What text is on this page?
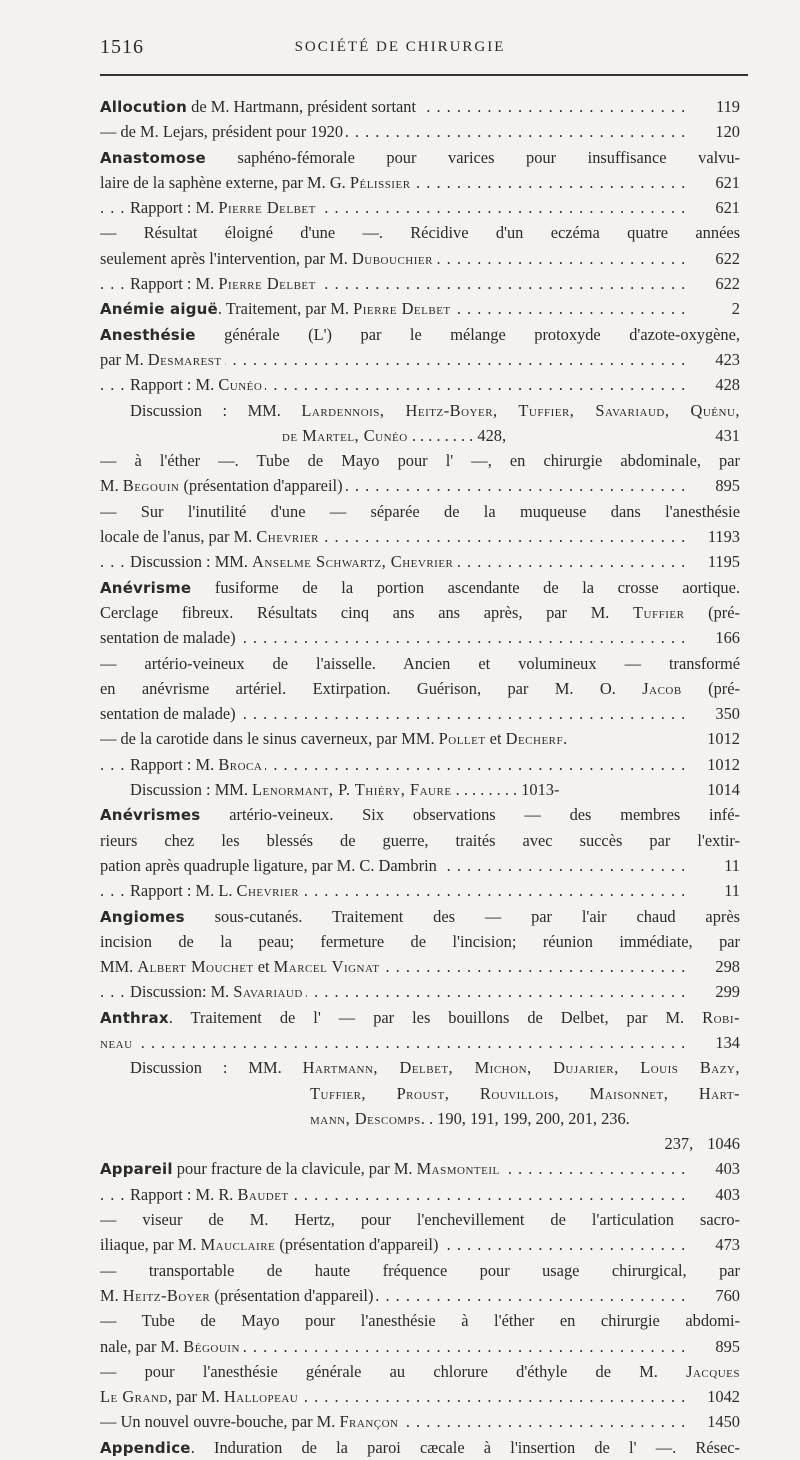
1516	SOCIÉTÉ DE CHIRURGIE
. . . Allocution de M. Hartmann, président sortant	119
. . . — de M. Lejars, président pour 1920	120
Anastomose saphéno-fémorale pour varices pour insuffisance valvu-
. . . laire de la saphène externe, par M. G. Pélissier	621
. . . Rapport : M. Pierre Delbet	621
— Résultat éloigné d'une —. Récidive d'un eczéma quatre années
. . . seulement après l'intervention, par M. Dubouchier	622
. . . Rapport : M. Pierre Delbet	622
. . . Anémie aiguë. Traitement, par M. Pierre Delbet	2
Anesthésie générale (L') par le mélange protoxyde d'azote-oxygène,
. . . par M. Desmarest	423
. . . Rapport : M. Cunéo	428
Discussion : MM. Lardennois, Heitz-Boyer, Tuffier, Savariaud, Quénu,
de Martel, Cunéo . . . . . . . . 428,	431
— à l'éther —. Tube de Mayo pour l' —, en chirurgie abdominale, par
. . . M. Begouin (présentation d'appareil)	895
— Sur l'inutilité d'une — séparée de la muqueuse dans l'anesthésie
. . . locale de l'anus, par M. Chevrier	1193
. . . Discussion : MM. Anselme Schwartz, Chevrier	1195
Anévrisme fusiforme de la portion ascendante de la crosse aortique.
Cerclage fibreux. Résultats cinq ans ans après, par M. Tuffier (pré-
. . . sentation de malade)	166
— artério-veineux de l'aisselle. Ancien et volumineux — transformé
en anévrisme artériel. Extirpation. Guérison, par M. O. Jacob (pré-
. . . sentation de malade)	350
— de la carotide dans le sinus caverneux, par MM. Pollet et Decherf.	1012
. . . Rapport : M. Broca	1012
Discussion : MM. Lenormant, P. Thiéry, Faure . . . . . . . . 1013-	1014
Anévrismes artério-veineux. Six observations — des membres infé-
rieurs chez les blessés de guerre, traités avec succès par l'extir-
. . . pation après quadruple ligature, par M. C. Dambrin	11
. . . Rapport : M. L. Chevrier	11
Angiomes sous-cutanés. Traitement des — par l'air chaud après
incision de la peau; fermeture de l'incision; réunion immédiate, par
. . . MM. Albert Mouchet et Marcel Vignat	298
. . . Discussion: M. Savariaud	299
Anthrax. Traitement de l' — par les bouillons de Delbet, par M. Robi-
. . . neau	134
Discussion : MM. Hartmann, Delbet, Michon, Dujarier, Louis Bazy,
Tuffier, Proust, Rouvillois, Maisonnet, Hart-
mann, Descomps. . 190, 191, 199, 200, 201, 236.
237, 1046
. . . Appareil pour fracture de la clavicule, par M. Masmonteil	403
. . . Rapport : M. R. Baudet	403
— viseur de M. Hertz, pour l'enchevillement de l'articulation sacro-
. . . iliaque, par M. Mauclaire (présentation d'appareil)	473
— transportable de haute fréquence pour usage chirurgical, par
. . . M. Heitz-Boyer (présentation d'appareil)	760
— Tube de Mayo pour l'anesthésie à l'éther en chirurgie abdomi-
. . . nale, par M. Bégouin	895
— pour l'anesthésie générale au chlorure d'éthyle de M. Jacques
. . . Le Grand, par M. Hallopeau	1042
. . . — Un nouvel ouvre-bouche, par M. Françon	1450
Appendice. Induration de la paroi cæcale à l'insertion de l' —. Résec-
